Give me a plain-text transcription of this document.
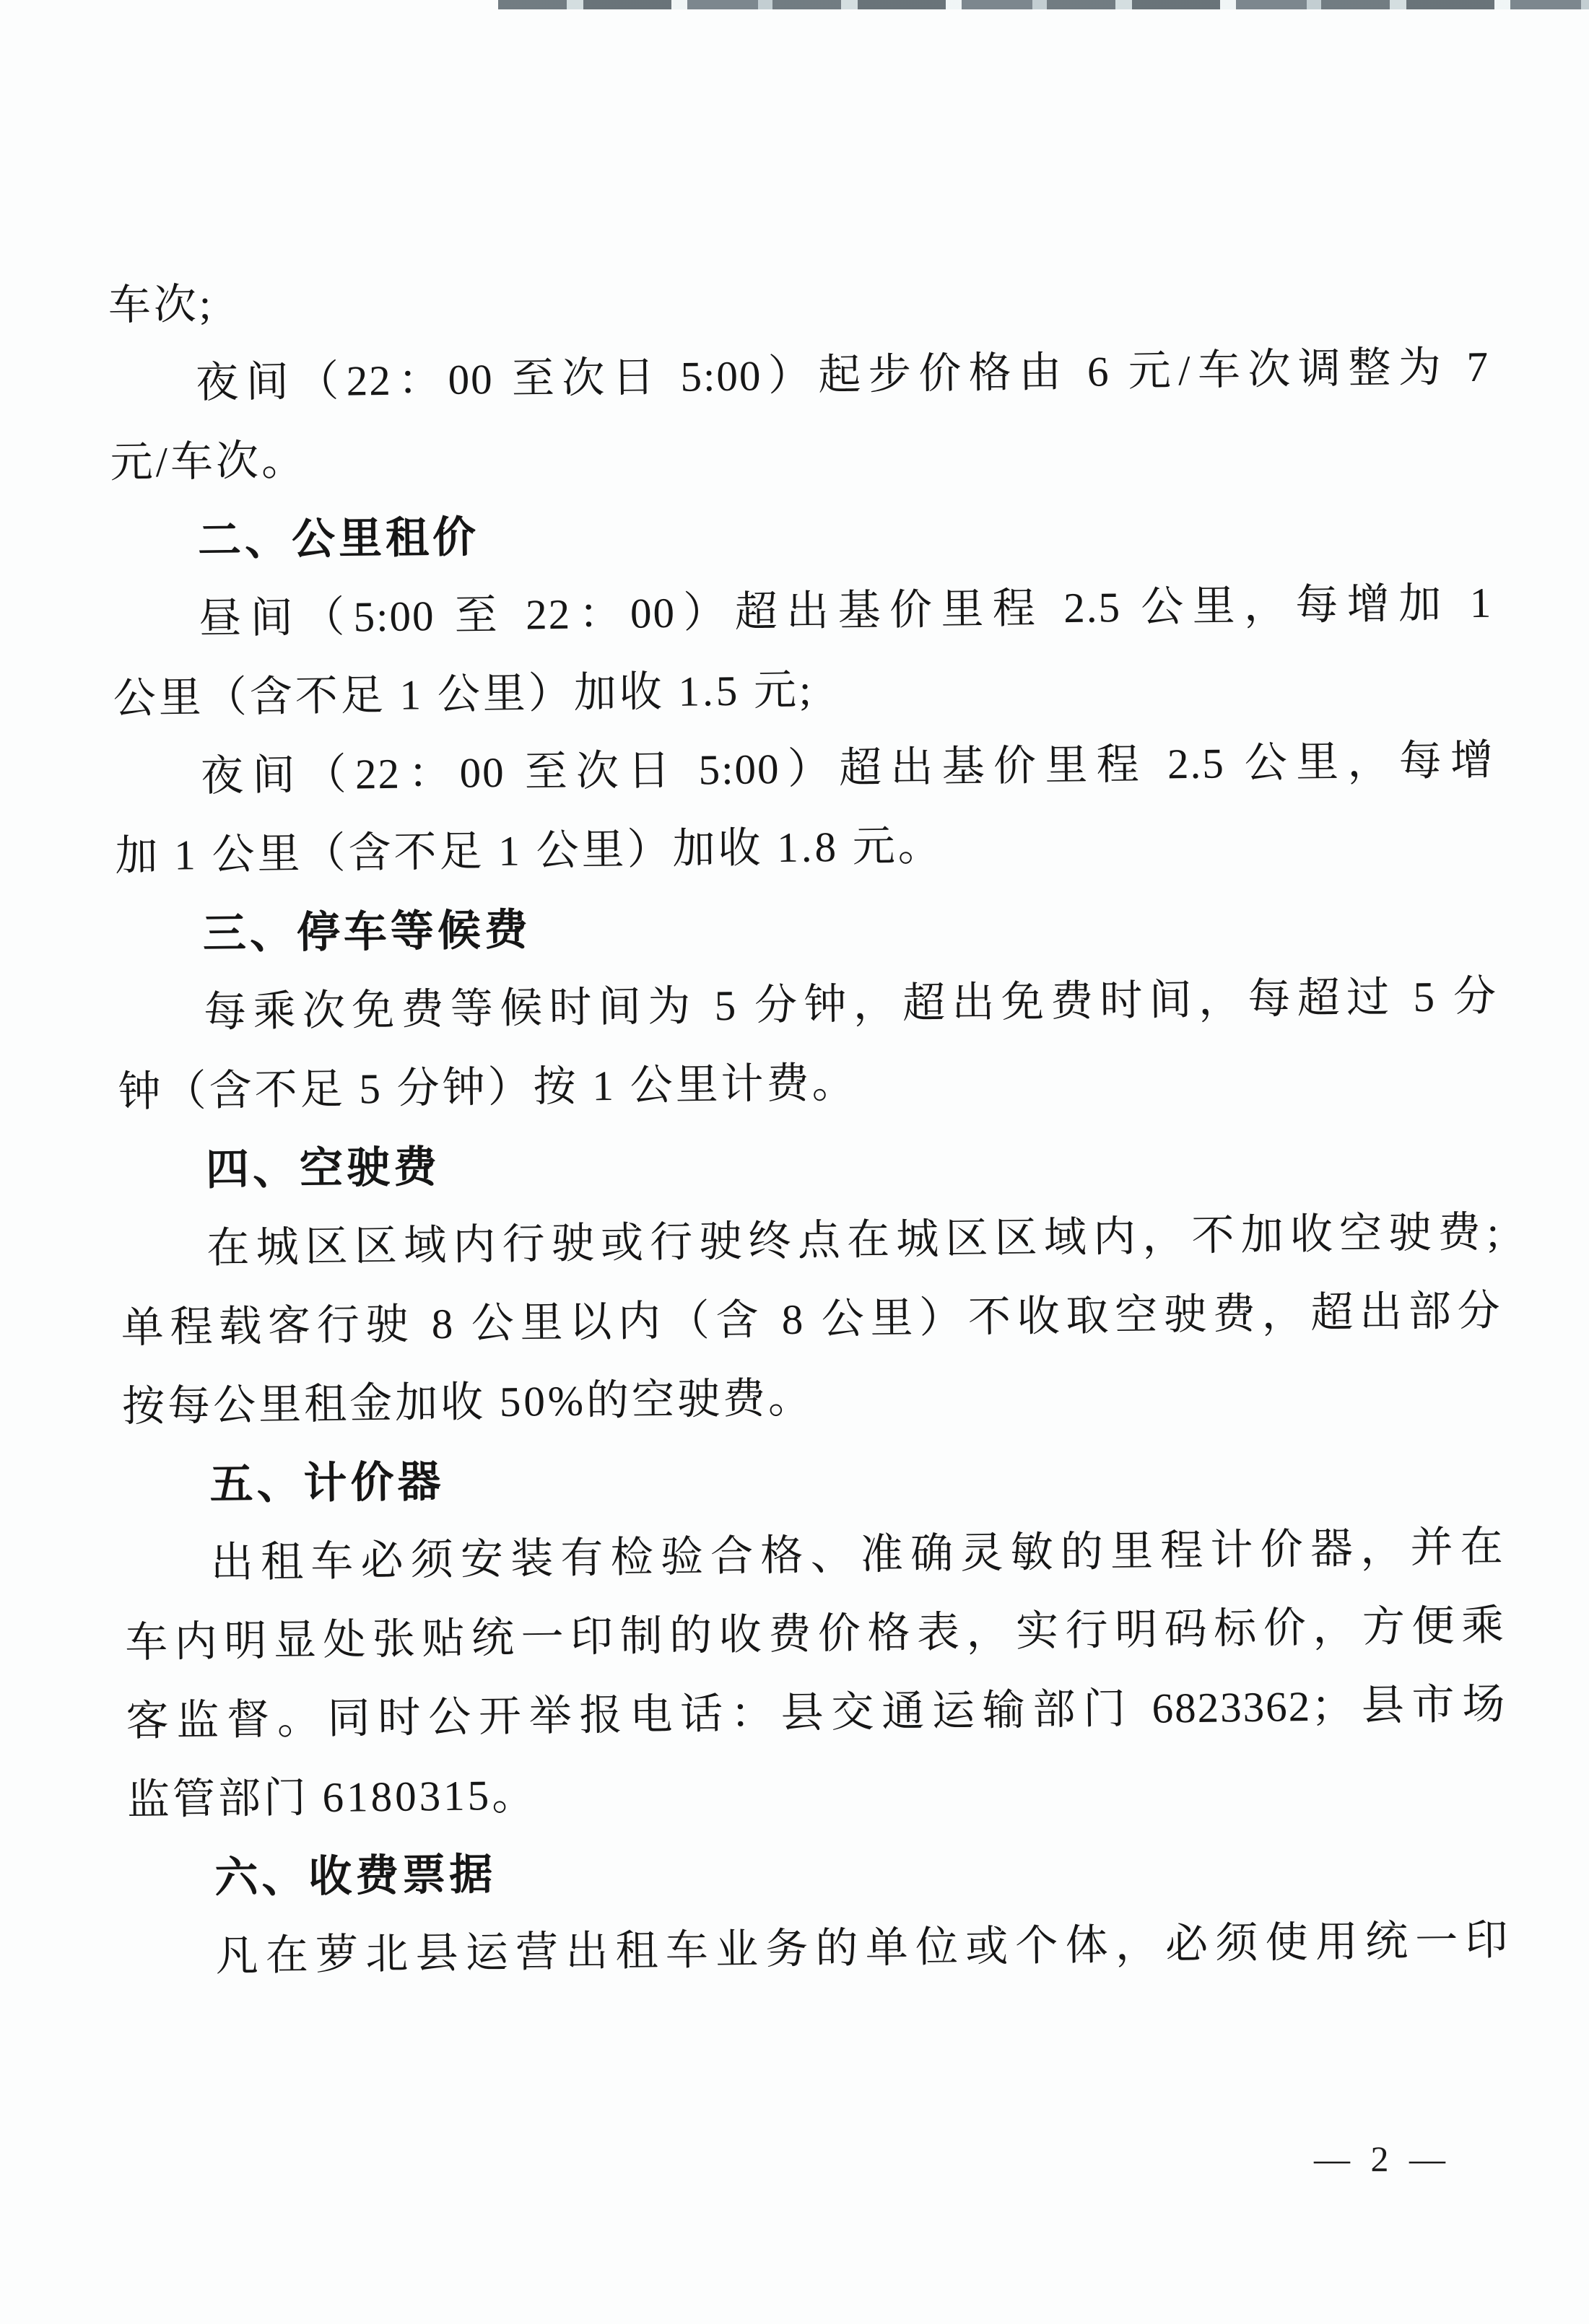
车次;
夜间（22：00 至次日 5:00）起步价格由 6 元/车次调整为 7
元/车次。
二、公里租价
昼间（5:00 至 22：00）超出基价里程 2.5 公里，每增加 1
公里（含不足 1 公里）加收 1.5 元;
夜间（22：00 至次日 5:00）超出基价里程 2.5 公里，每增
加 1 公里（含不足 1 公里）加收 1.8 元。
三、停车等候费
每乘次免费等候时间为 5 分钟，超出免费时间，每超过 5 分
钟（含不足 5 分钟）按 1 公里计费。
四、空驶费
在城区区域内行驶或行驶终点在城区区域内，不加收空驶费;
单程载客行驶 8 公里以内（含 8 公里）不收取空驶费，超出部分
按每公里租金加收 50%的空驶费。
五、计价器
出租车必须安装有检验合格、准确灵敏的里程计价器，并在
车内明显处张贴统一印制的收费价格表，实行明码标价，方便乘
客监督。同时公开举报电话：县交通运输部门 6823362；县市场
监管部门 6180315。
六、收费票据
凡在萝北县运营出租车业务的单位或个体，必须使用统一印
— 2 —
